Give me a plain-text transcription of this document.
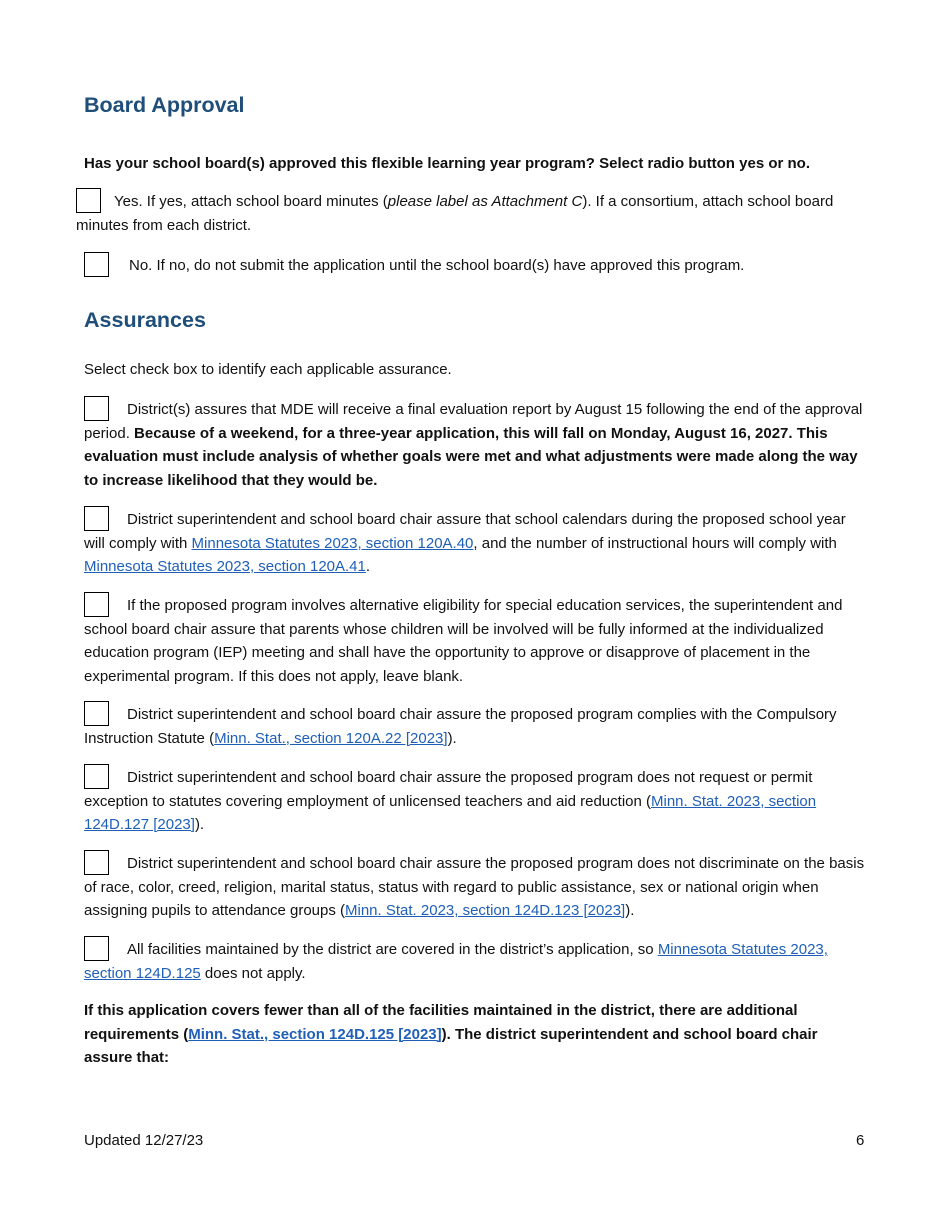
Board Approval

Has your school board(s) approved this flexible learning year program? Select radio button yes or no.

Yes. If yes, attach school board minutes (please label as Attachment C). If a consortium, attach school board minutes from each district.

No. If no, do not submit the application until the school board(s) have approved this program.

Assurances

Select check box to identify each applicable assurance.

District(s) assures that MDE will receive a final evaluation report by August 15 following the end of the approval period. Because of a weekend, for a three-year application, this will fall on Monday, August 16, 2027. This evaluation must include analysis of whether goals were met and what adjustments were made along the way to increase likelihood that they would be.

District superintendent and school board chair assure that school calendars during the proposed school year will comply with Minnesota Statutes 2023, section 120A.40, and the number of instructional hours will comply with Minnesota Statutes 2023, section 120A.41.

If the proposed program involves alternative eligibility for special education services, the superintendent and school board chair assure that parents whose children will be involved will be fully informed at the individualized education program (IEP) meeting and shall have the opportunity to approve or disapprove of placement in the experimental program. If this does not apply, leave blank.

District superintendent and school board chair assure the proposed program complies with the Compulsory Instruction Statute (Minn. Stat., section 120A.22 [2023]).

District superintendent and school board chair assure the proposed program does not request or permit exception to statutes covering employment of unlicensed teachers and aid reduction (Minn. Stat. 2023, section 124D.127 [2023]).

District superintendent and school board chair assure the proposed program does not discriminate on the basis of race, color, creed, religion, marital status, status with regard to public assistance, sex or national origin when assigning pupils to attendance groups (Minn. Stat. 2023, section 124D.123 [2023]).

All facilities maintained by the district are covered in the district’s application, so Minnesota Statutes 2023, section 124D.125 does not apply.

If this application covers fewer than all of the facilities maintained in the district, there are additional requirements (Minn. Stat., section 124D.125 [2023]). The district superintendent and school board chair assure that:

Updated 12/27/23	6
